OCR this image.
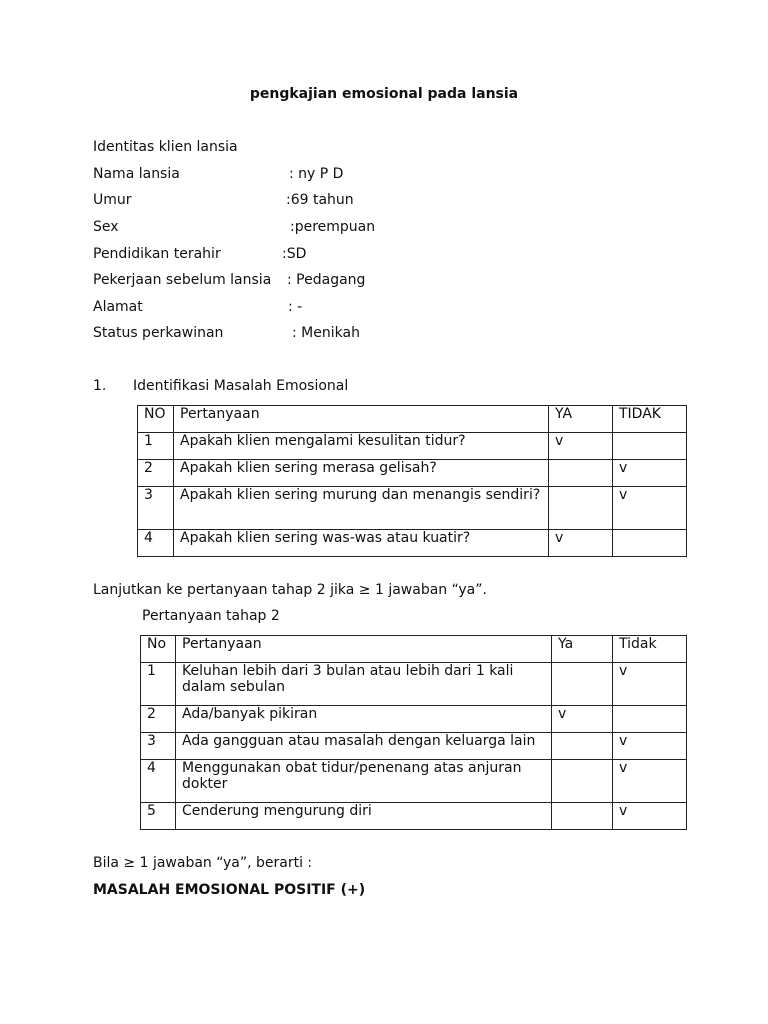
pengkajian emosional pada lansia
Identitas klien lansia
Nama lansia	: ny P D
Umur	:69 tahun
Sex	:perempuan
Pendidikan terahir	:SD
Pekerjaan sebelum lansia : Pedagang
Alamat	: -
Status perkawinan	: Menikah
1. Identifikasi Masalah Emosional
NO	Pertanyaan	YA	TIDAK
1	Apakah klien mengalami kesulitan tidur?	v	
2	Apakah klien sering merasa gelisah?		v
3	Apakah klien sering murung dan menangis sendiri?		v
4	Apakah klien sering was-was atau kuatir?	v	
Lanjutkan ke pertanyaan tahap 2 jika ≥ 1 jawaban “ya”.
Pertanyaan tahap 2
No	Pertanyaan	Ya	Tidak
1	Keluhan lebih dari 3 bulan atau lebih dari 1 kali dalam sebulan		v
2	Ada/banyak pikiran	v	
3	Ada gangguan atau masalah dengan keluarga lain		v
4	Menggunakan obat tidur/penenang atas anjuran dokter		v
5	Cenderung mengurung diri		v
Bila ≥ 1 jawaban “ya”, berarti :
MASALAH EMOSIONAL POSITIF (+)
